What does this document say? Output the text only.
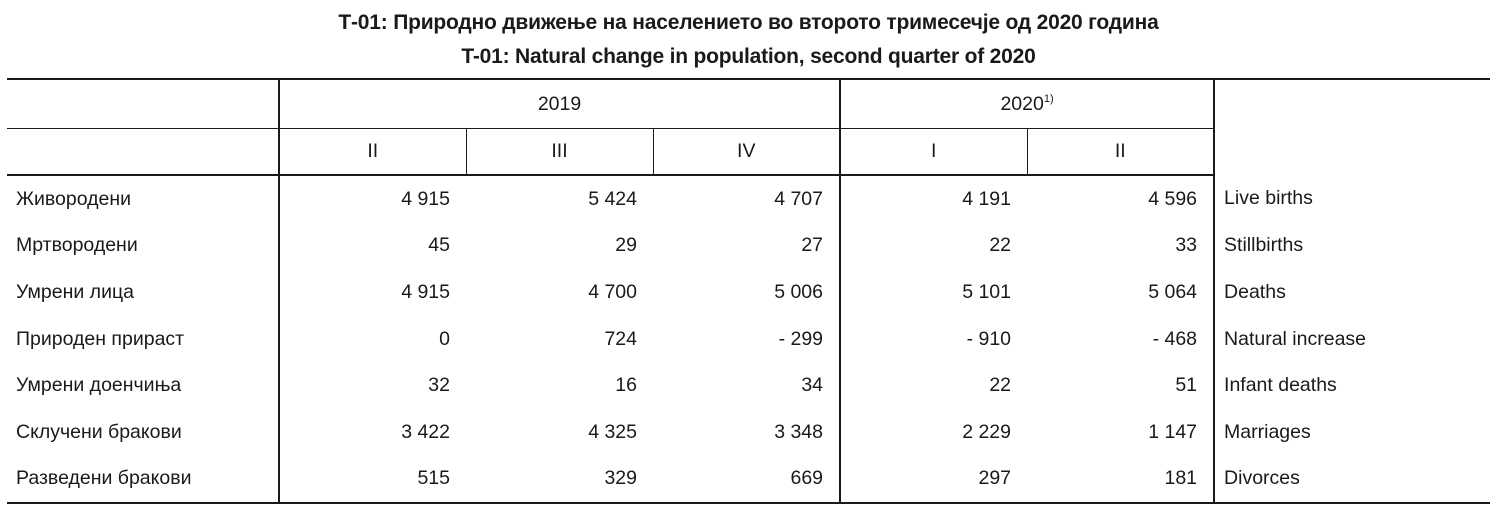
Т-01: Природно движење на населението во второто тримесечје од 2020 година
T-01: Natural change in population, second quarter of 2020
	2019			2020$^{1)}$	
	II	III	IV	I	II	
Живородени	4 915	5 424	4 707	4 191	4 596	Live births
Мртвородени	45	29	27	22	33	Stillbirths
Умрени лица	4 915	4 700	5 006	5 101	5 064	Deaths
Природен прираст	0	724	- 299	- 910	- 468	Natural increase
Умрени доенчиња	32	16	34	22	51	Infant deaths
Склучени бракови	3 422	4 325	3 348	2 229	1 147	Marriages
Разведени бракови	515	329	669	297	181	Divorces
